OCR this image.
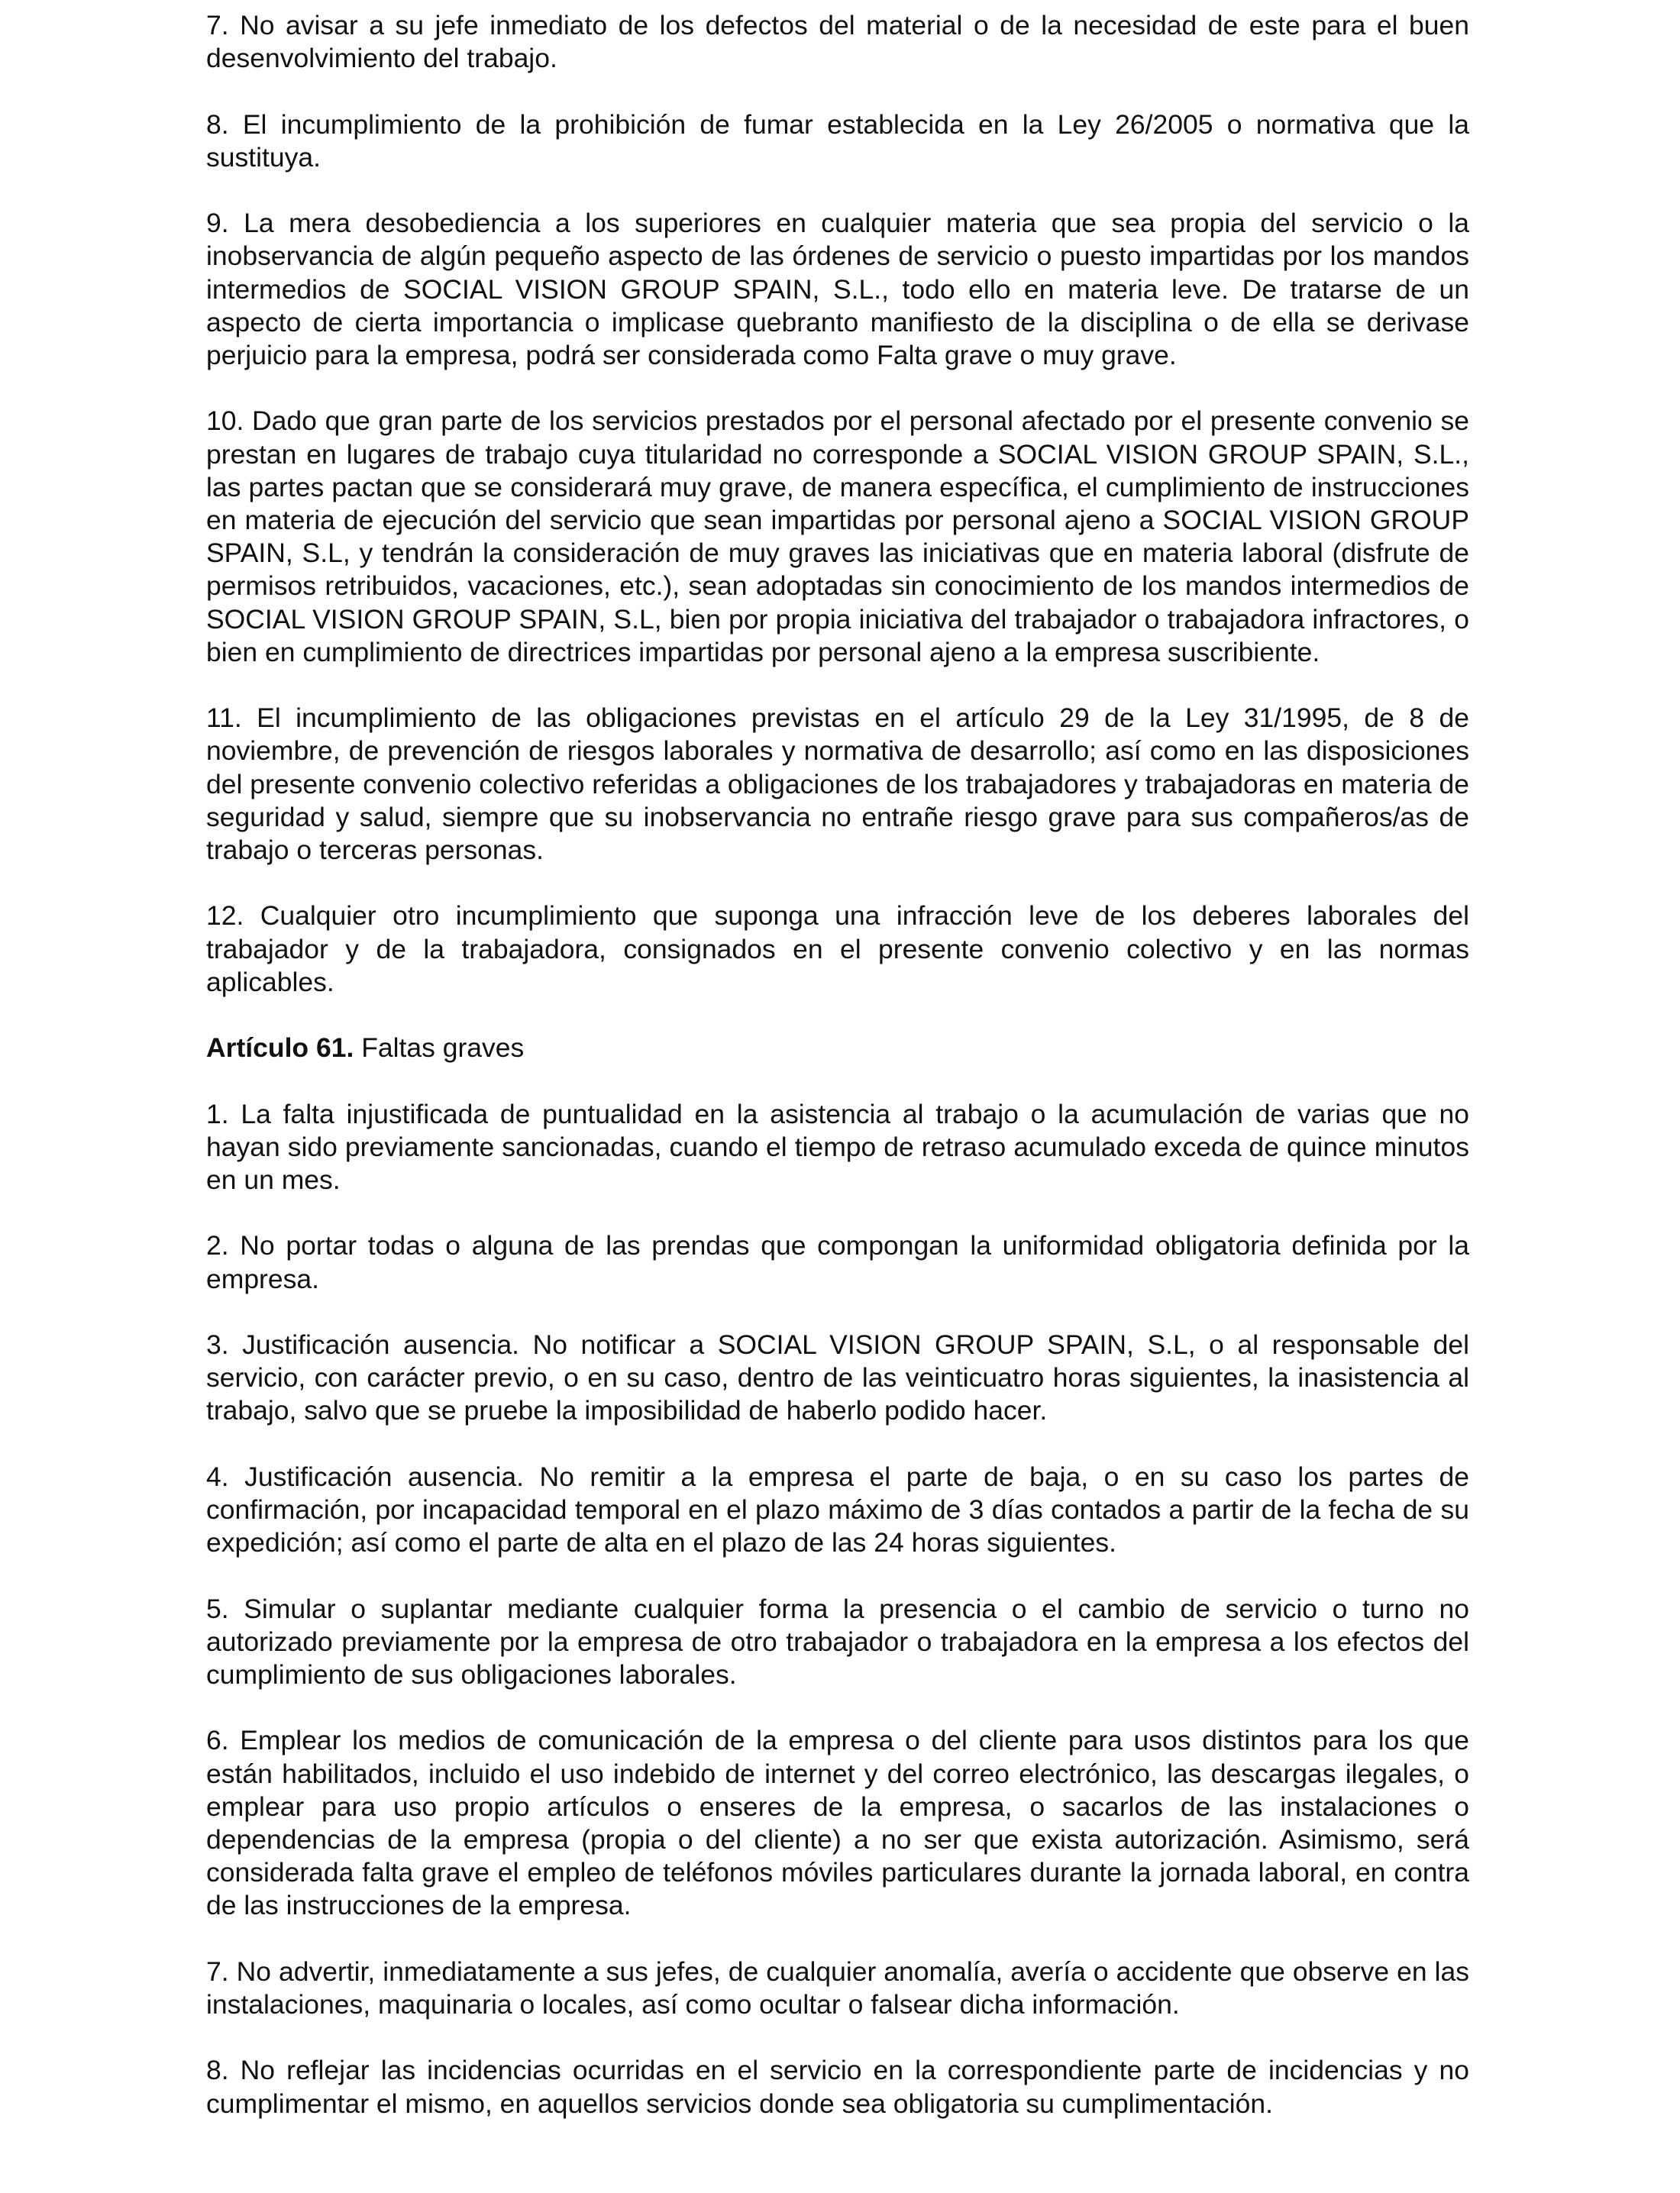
7. No avisar a su jefe inmediato de los defectos del material o de la necesidad de este para el buen desenvolvimiento del trabajo.

8. El incumplimiento de la prohibición de fumar establecida en la Ley 26/2005 o normativa que la sustituya.

9. La mera desobediencia a los superiores en cualquier materia que sea propia del servicio o la inobservancia de algún pequeño aspecto de las órdenes de servicio o puesto impartidas por los mandos intermedios de SOCIAL VISION GROUP SPAIN, S.L., todo ello en materia leve. De tratarse de un aspecto de cierta importancia o implicase quebranto manifiesto de la disciplina o de ella se derivase perjuicio para la empresa, podrá ser considerada como Falta grave o muy grave.

10. Dado que gran parte de los servicios prestados por el personal afectado por el presente convenio se prestan en lugares de trabajo cuya titularidad no corresponde a SOCIAL VISION GROUP SPAIN, S.L., las partes pactan que se considerará muy grave, de manera específica, el cumplimiento de instrucciones en materia de ejecución del servicio que sean impartidas por personal ajeno a SOCIAL VISION GROUP SPAIN, S.L, y tendrán la consideración de muy graves las iniciativas que en materia laboral (disfrute de permisos retribuidos, vacaciones, etc.), sean adoptadas sin conocimiento de los mandos intermedios de SOCIAL VISION GROUP SPAIN, S.L, bien por propia iniciativa del trabajador o trabajadora infractores, o bien en cumplimiento de directrices impartidas por personal ajeno a la empresa suscribiente.

11. El incumplimiento de las obligaciones previstas en el artículo 29 de la Ley 31/1995, de 8 de noviembre, de prevención de riesgos laborales y normativa de desarrollo; así como en las disposiciones del presente convenio colectivo referidas a obligaciones de los trabajadores y trabajadoras en materia de seguridad y salud, siempre que su inobservancia no entrañe riesgo grave para sus compañeros/as de trabajo o terceras personas.

12. Cualquier otro incumplimiento que suponga una infracción leve de los deberes laborales del trabajador y de la trabajadora, consignados en el presente convenio colectivo y en las normas aplicables.

Artículo 61. Faltas graves

1. La falta injustificada de puntualidad en la asistencia al trabajo o la acumulación de varias que no hayan sido previamente sancionadas, cuando el tiempo de retraso acumulado exceda de quince minutos en un mes.

2. No portar todas o alguna de las prendas que compongan la uniformidad obligatoria definida por la empresa.

3. Justificación ausencia. No notificar a SOCIAL VISION GROUP SPAIN, S.L, o al responsable del servicio, con carácter previo, o en su caso, dentro de las veinticuatro horas siguientes, la inasistencia al trabajo, salvo que se pruebe la imposibilidad de haberlo podido hacer.

4. Justificación ausencia. No remitir a la empresa el parte de baja, o en su caso los partes de confirmación, por incapacidad temporal en el plazo máximo de 3 días contados a partir de la fecha de su expedición; así como el parte de alta en el plazo de las 24 horas siguientes.

5. Simular o suplantar mediante cualquier forma la presencia o el cambio de servicio o turno no autorizado previamente por la empresa de otro trabajador o trabajadora en la empresa a los efectos del cumplimiento de sus obligaciones laborales.

6. Emplear los medios de comunicación de la empresa o del cliente para usos distintos para los que están habilitados, incluido el uso indebido de internet y del correo electrónico, las descargas ilegales, o emplear para uso propio artículos o enseres de la empresa, o sacarlos de las instalaciones o dependencias de la empresa (propia o del cliente) a no ser que exista autorización. Asimismo, será considerada falta grave el empleo de teléfonos móviles particulares durante la jornada laboral, en contra de las instrucciones de la empresa.

7. No advertir, inmediatamente a sus jefes, de cualquier anomalía, avería o accidente que observe en las instalaciones, maquinaria o locales, así como ocultar o falsear dicha información.

8. No reflejar las incidencias ocurridas en el servicio en la correspondiente parte de incidencias y no cumplimentar el mismo, en aquellos servicios donde sea obligatoria su cumplimentación.
